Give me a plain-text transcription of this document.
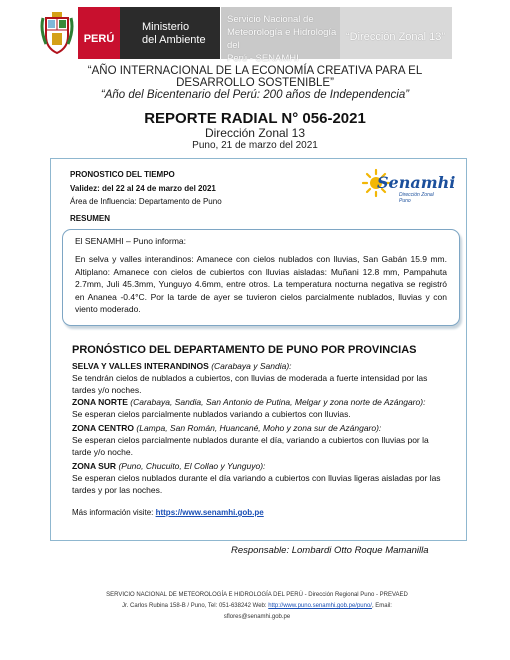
PERÚ
Ministerio
del Ambiente
Servicio Nacional de
Meteorología e Hidrología del
Perú - SENAMHI
“Dirección Zonal 13”
“AÑO INTERNACIONAL DE LA ECONOMÍA CREATIVA PARA EL
DESARROLLO SOSTENIBLE”
“Año del Bicentenario del Perú: 200 años de Independencia”
REPORTE RADIAL N° 056-2021
Dirección Zonal 13
Puno, 21 de marzo del 2021
PRONOSTICO DEL TIEMPO
Validez: del 22 al 24 de marzo del 2021
Área de Influencia: Departamento de Puno
RESUMEN
Senamhi
Dirección Zonal Puno
El SENAMHI – Puno informa:
En selva y valles interandinos: Amanece con cielos nublados con lluvias, San Gabán 15.9 mm. Altiplano: Amanece con cielos de cubiertos con lluvias aisladas: Muñani 12.8 mm, Pampahuta 2.7mm, Juli 45.3mm, Yunguyo 4.6mm, entre otros. La temperatura nocturna negativa se registró en Ananea -0.4°C. Por la tarde de ayer se tuvieron cielos parcialmente nublados, lluvias y con viento moderado.
PRONÓSTICO DEL DEPARTAMENTO DE PUNO POR PROVINCIAS
SELVA Y VALLES INTERANDINOS (Carabaya y Sandia):
Se tendrán cielos de nublados a cubiertos, con lluvias de moderada a fuerte intensidad por las tardes y/o noches.
ZONA NORTE (Carabaya, Sandia, San Antonio de Putina, Melgar y zona norte de Azángaro):
Se esperan cielos parcialmente nublados variando a cubiertos con lluvias.
ZONA CENTRO (Lampa, San Román, Huancané, Moho y zona sur de Azángaro):
Se esperan cielos parcialmente nublados durante el día, variando a cubiertos con lluvias por la tarde y/o noche.
ZONA SUR (Puno, Chucuito, El Collao y Yunguyo):
Se esperan cielos nublados durante el día variando a cubiertos con lluvias ligeras aisladas por las tardes y por las noches.
Más información visite: https://www.senamhi.gob.pe
Responsable: Lombardi Otto Roque Mamanilla
SERVICIO NACIONAL DE METEOROLOGÍA E HIDROLOGÍA DEL PERÚ - Dirección Regional Puno - PREVAED
Jr. Carlos Rubina 158-B / Puno, Tel: 051-638242 Web: http://www.puno.senamhi.gob.pe/puno/, Email:
sflores@senamhi.gob.pe
